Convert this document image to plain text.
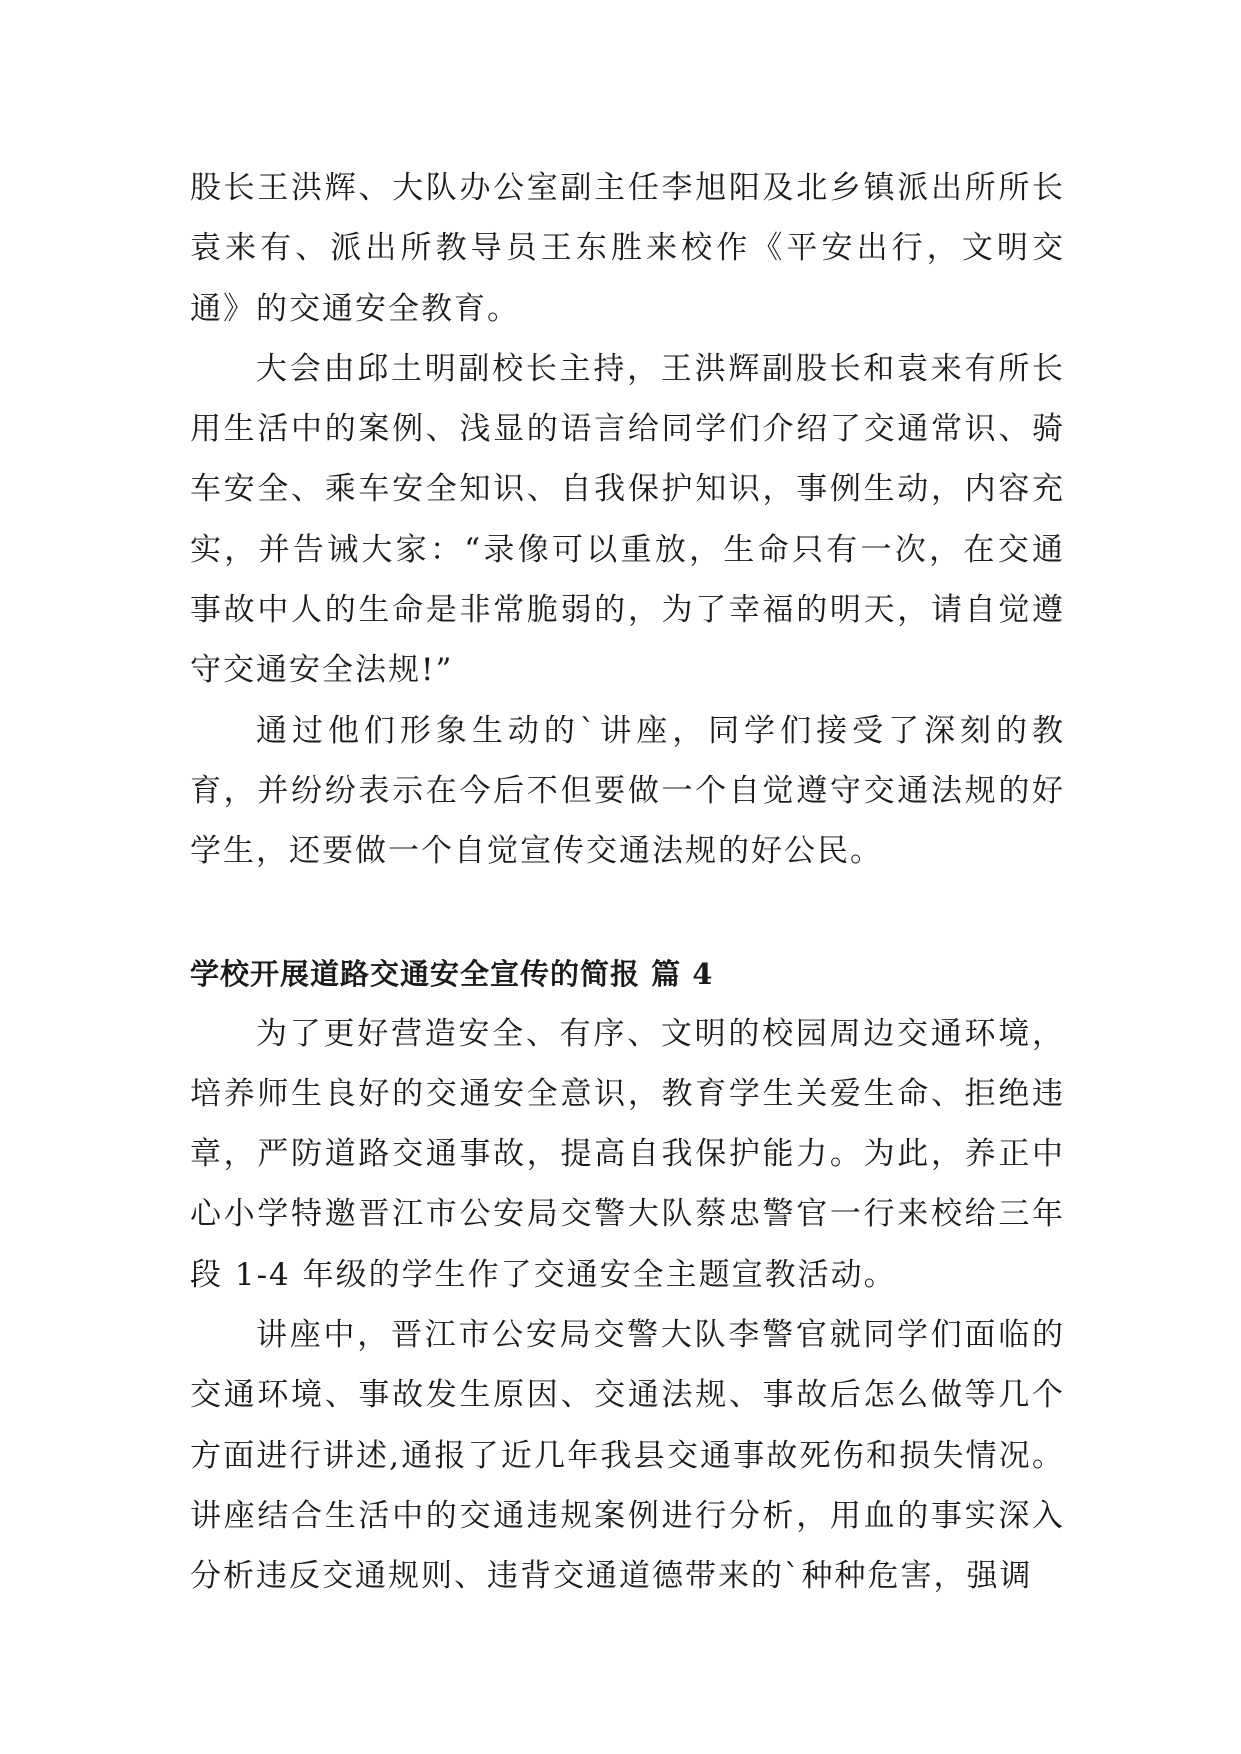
股长王洪辉、大队办公室副主任李旭阳及北乡镇派出所所长袁来有、派出所教导员王东胜来校作《平安出行，文明交通》的交通安全教育。

大会由邱土明副校长主持，王洪辉副股长和袁来有所长用生活中的案例、浅显的语言给同学们介绍了交通常识、骑车安全、乘车安全知识、自我保护知识，事例生动，内容充实，并告诫大家：“录像可以重放，生命只有一次，在交通事故中人的生命是非常脆弱的，为了幸福的明天，请自觉遵守交通安全法规!”

通过他们形象生动的`讲座，同学们接受了深刻的教育，并纷纷表示在今后不但要做一个自觉遵守交通法规的好学生，还要做一个自觉宣传交通法规的好公民。

学校开展道路交通安全宣传的简报 篇 4

为了更好营造安全、有序、文明的校园周边交通环境，培养师生良好的交通安全意识，教育学生关爱生命、拒绝违章，严防道路交通事故，提高自我保护能力。为此，养正中心小学特邀晋江市公安局交警大队蔡忠警官一行来校给三年段 1-4 年级的学生作了交通安全主题宣教活动。

讲座中，晋江市公安局交警大队李警官就同学们面临的交通环境、事故发生原因、交通法规、事故后怎么做等几个方面进行讲述,通报了近几年我县交通事故死伤和损失情况。讲座结合生活中的交通违规案例进行分析，用血的事实深入分析违反交通规则、违背交通道德带来的`种种危害，强调
